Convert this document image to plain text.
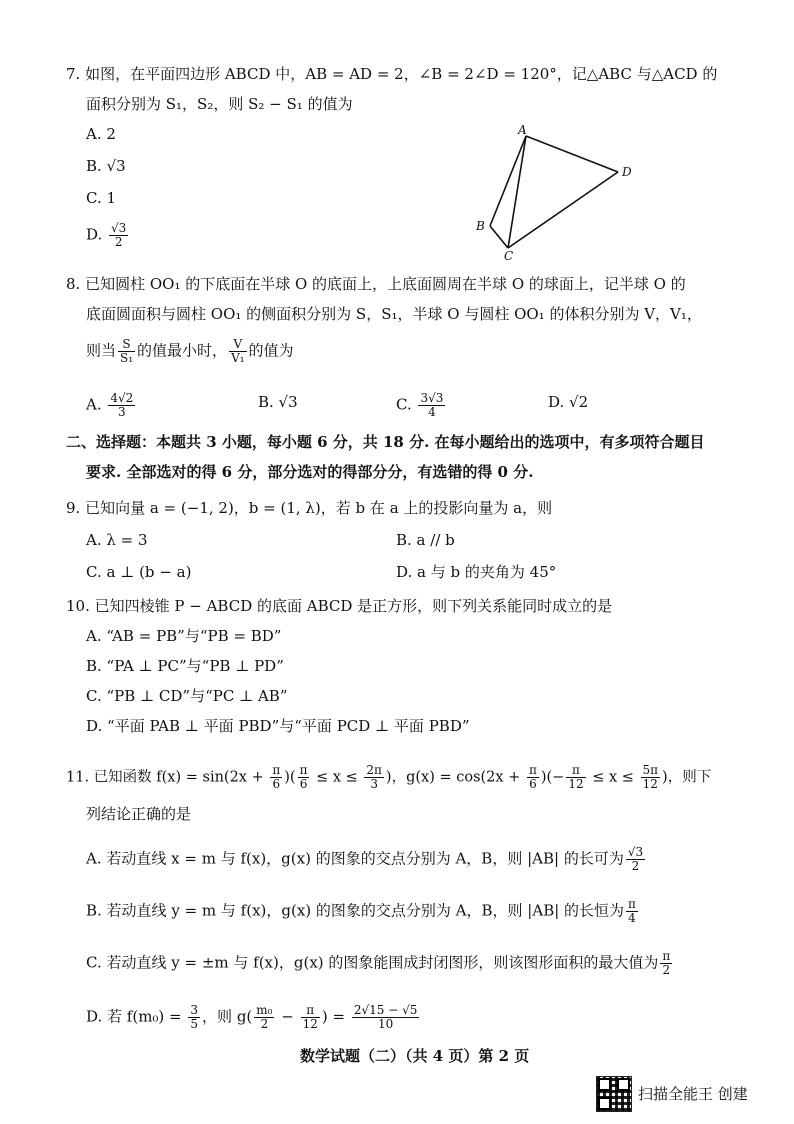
7. 如图，在平面四边形 ABCD 中，AB = AD = 2，∠B = 2∠D = 120°，记△ABC 与△ACD 的
面积分别为 S₁，S₂，则 S₂ − S₁ 的值为
A. 2
B. √3
C. 1
D. $\frac{√3}{2}$
A
B
C
D
8. 已知圆柱 OO₁ 的下底面在半球 O 的底面上，上底面圆周在半球 O 的球面上，记半球 O 的
底面圆面积与圆柱 OO₁ 的侧面积分别为 S，S₁，半球 O 与圆柱 OO₁ 的体积分别为 V，V₁，
则当 $\frac{S}{\text{S₁}}$ 的值最小时， $\frac{V}{\text{V₁}}$ 的值为
A. $\frac{4√2}{3}$	B. √3	C. $\frac{3√3}{4}$	D. √2
二、选择题：本题共 3 小题，每小题 6 分，共 18 分. 在每小题给出的选项中，有多项符合题目
要求. 全部选对的得 6 分，部分选对的得部分分，有选错的得 0 分.
9. 已知向量 a = (−1, 2)，b = (1, λ)，若 b 在 a 上的投影向量为 a，则
A. λ = 3	B. a // b
C. a ⊥ (b − a)	D. a 与 b 的夹角为 45°
10. 已知四棱锥 P − ABCD 的底面 ABCD 是正方形，则下列关系能同时成立的是
A. “AB = PB”与“PB = BD”
B. “PA ⊥ PC”与“PB ⊥ PD”
C. “PB ⊥ CD”与“PC ⊥ AB”
D. “平面 PAB ⊥ 平面 PBD”与“平面 PCD ⊥ 平面 PBD”
11. 已知函数 $f(x) = \sin(2x + \frac{\pi}{6}$ )( $\frac{\pi}{6} \le x \le \frac{2\pi}{3}$ )，$g(x) = \cos(2x + \frac{\pi}{6}$ )(− $\frac{\pi}{12} \le x \le \frac{5\pi}{12}$ )，则下
列结论正确的是
A. 若动直线 x = m 与 f(x)，g(x) 的图象的交点分别为 A，B，则 |AB| 的长可为 $\frac{√3}{2}$
B. 若动直线 y = m 与 f(x)，g(x) 的图象的交点分别为 A，B，则 |AB| 的长恒为 $\frac{\pi}{4}$
C. 若动直线 y = ±m 与 f(x)，g(x) 的图象能围成封闭图形，则该图形面积的最大值为 $\frac{\pi}{2}$
D. 若 $f(m_0) = \frac{3}{5}$ ，则 $g( \frac{\text{m₀}}{2} - \frac{\pi}{12}$ ) = $\frac{2√15 - √5}{10}$
数学试题（二）（共 4 页）第 2 页
扫描全能王 创建
